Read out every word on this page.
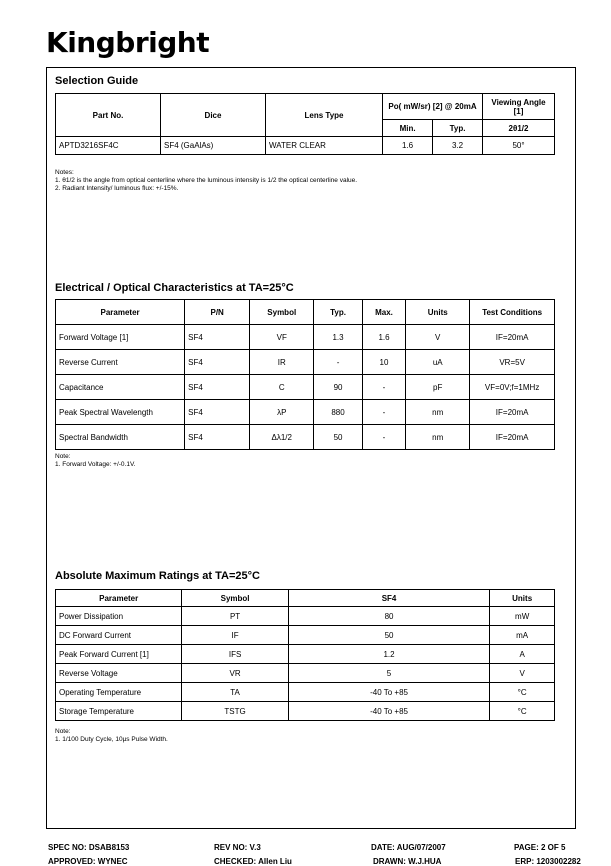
Kingbright
Selection Guide
Part No.	Dice	Lens Type	Po( mW/sr) [2] @ 20mA		Viewing Angle [1]
			Min.	Typ.	2θ1/2
APTD3216SF4C	SF4 (GaAlAs)	WATER CLEAR	1.6	3.2	50°
Notes:
1. θ1/2 is the angle from optical centerline where the luminous intensity is 1/2 the optical centerline value.
2. Radiant Intensity/ luminous flux: +/-15%.
Electrical / Optical Characteristics at TA=25°C
Parameter	P/N	Symbol	Typ.	Max.	Units	Test Conditions
Forward Voltage [1]	SF4	VF	1.3	1.6	V	IF=20mA
Reverse Current	SF4	IR	-	10	uA	VR=5V
Capacitance	SF4	C	90	-	pF	VF=0V;f=1MHz
Peak Spectral Wavelength	SF4	λP	880	-	nm	IF=20mA
Spectral Bandwidth	SF4	Δλ1/2	50	-	nm	IF=20mA
Note:
1. Forward Voltage: +/-0.1V.
Absolute Maximum Ratings at TA=25°C
Parameter	Symbol	SF4	Units
Power Dissipation	PT	80	mW
DC Forward Current	IF	50	mA
Peak Forward Current [1]	IFS	1.2	A
Reverse Voltage	VR	5	V
Operating Temperature	TA	-40 To +85	°C
Storage Temperature	TSTG	-40 To +85	°C
Note:
1. 1/100 Duty Cycle, 10μs Pulse Width.
SPEC NO: DSAB8153	REV NO: V.3	DATE: AUG/07/2007	PAGE: 2 OF 5
APPROVED: WYNEC	CHECKED: Allen Liu	DRAWN: W.J.HUA	ERP: 1203002282
